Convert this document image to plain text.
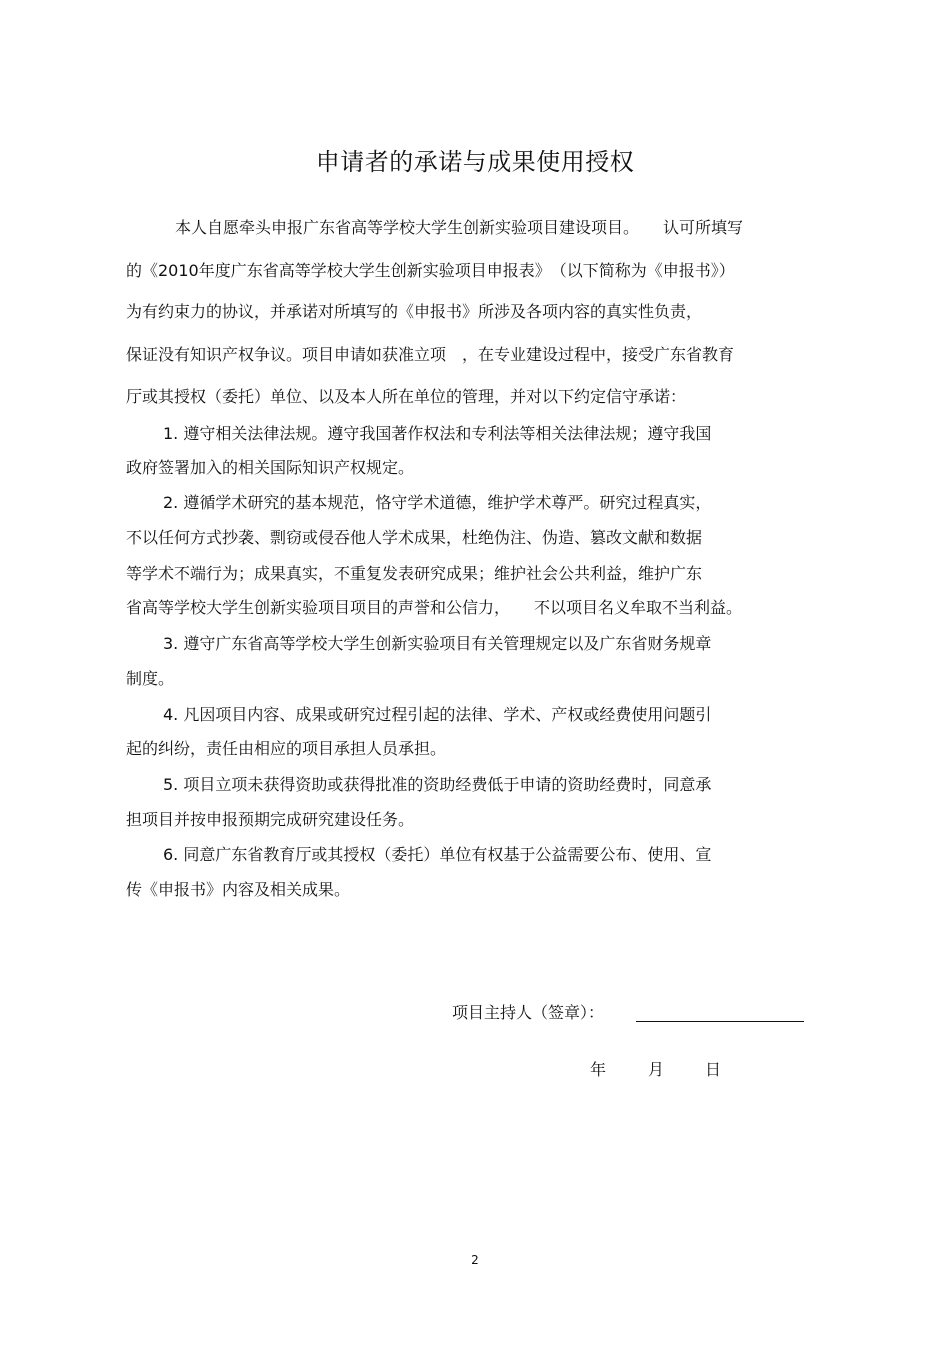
申请者的承诺与成果使用授权
本人自愿牵头申报广东省高等学校大学生创新实验项目建设项目。　　认可所填写
的《2010年度广东省高等学校大学生创新实验项目申报表》　（以下简称为《申报书》）
为有约束力的协议，并承诺对所填写的《申报书》所涉及各项内容的真实性负责，
保证没有知识产权争议。项目申请如获准立项　，在专业建设过程中，接受广东省教育
厅或其授权（委托）单位、以及本人所在单位的管理，并对以下约定信守承诺：
1. 遵守相关法律法规。遵守我国著作权法和专利法等相关法律法规；遵守我国
政府签署加入的相关国际知识产权规定。
2. 遵循学术研究的基本规范，恪守学术道德，维护学术尊严。研究过程真实，
不以任何方式抄袭、剽窃或侵吞他人学术成果，杜绝伪注、伪造、篡改文献和数据
等学术不端行为；成果真实，不重复发表研究成果；维护社会公共利益，维护广东
省高等学校大学生创新实验项目项目的声誉和公信力，　　不以项目名义牟取不当利益。
3. 遵守广东省高等学校大学生创新实验项目有关管理规定以及广东省财务规章
制度。
4. 凡因项目内容、成果或研究过程引起的法律、学术、产权或经费使用问题引
起的纠纷，责任由相应的项目承担人员承担。
5. 项目立项未获得资助或获得批准的资助经费低于申请的资助经费时，同意承
担项目并按申报预期完成研究建设任务。
6. 同意广东省教育厅或其授权（委托）单位有权基于公益需要公布、使用、宣
传《申报书》内容及相关成果。
项目主持人（签章）：
年	月	日
2
